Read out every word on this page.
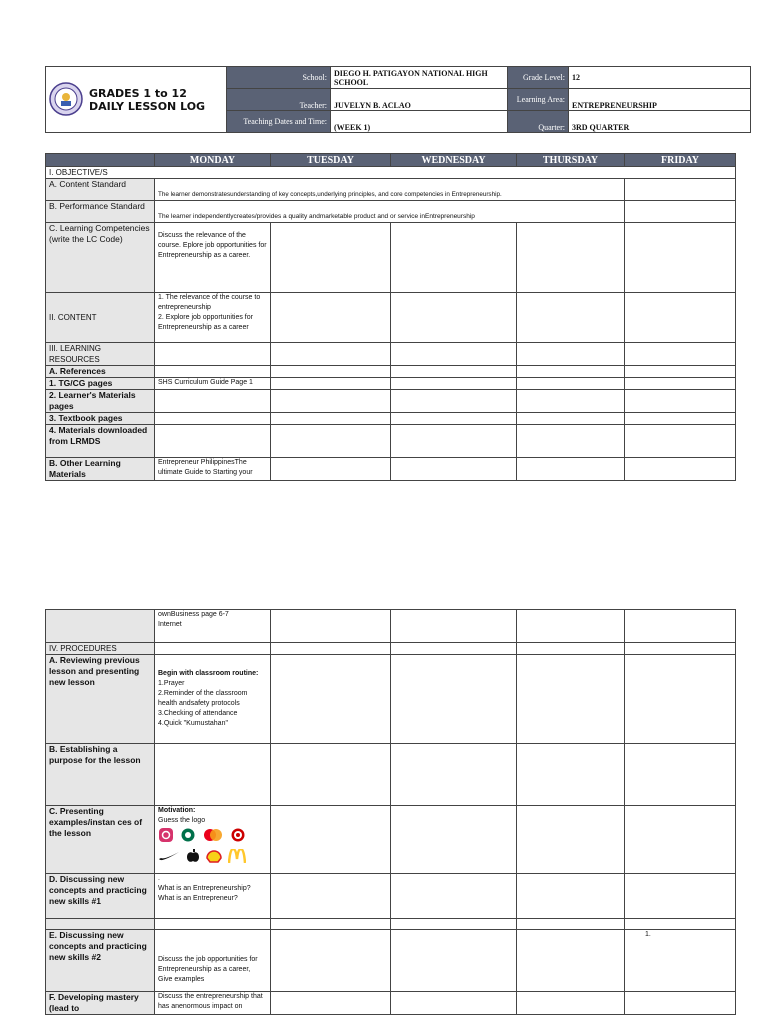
GRADES 1 to 12
DAILY LESSON LOG	School:	DIEGO H. PATIGAYON NATIONAL HIGH SCHOOL	Grade Level:	12
	Teacher:	JUVELYN B. ACLAO	Learning Area:	ENTREPRENEURSHIP
	Teaching Dates and Time:	(WEEK 1)	Quarter:	3RD QUARTER
	MONDAY	TUESDAY	WEDNESDAY	THURSDAY	FRIDAY
I. OBJECTIVE/S					
A. Content Standard	The learner demonstratesunderstanding of key concepts,underlying principles, and core competencies in Entrepreneurship.				
B. Performance Standard	The learner independentlycreates/provides a quality andmarketable product and or service inEntrepreneurship				
C. Learning Competencies
(write the LC Code)	Discuss the relevance of the course. Eplore job opportunities for Entrepreneurship as a career.				
II. CONTENT	1. The relevance of the course to entrepreneurship
2. Explore job opportunities for Entrepreneurship as a career				
III. LEARNING RESOURCES					
A. References					
1. TG/CG pages	SHS Curriculum Guide Page 1				
2. Learner's Materials pages					
3. Textbook pages					
4. Materials downloaded from LRMDS					
B. Other Learning Materials	Entrepreneur PhilippinesThe ultimate Guide to Starting your				
	ownBusiness page 6-7
Internet				
IV. PROCEDURES					
A. Reviewing previous lesson and presenting new lesson	Begin with classroom routine:
1.Prayer
2.Reminder of the classroom health andsafety protocols
3.Checking of attendance
4.Quick "Kumustahan"				

B. Establishing a purpose for the lesson					
C. Presenting examples/instan ces of the lesson	Motivation:
Guess the logo				

D. Discussing new concepts and practicing new skills #1	.
What is an Entrepreneurship?
What is an Entrepreneur?				

E. Discussing new concepts and practicing new skills #2	Discuss the job opportunities for Entrepreneurship as a career,
Give examples				1.
F. Developing mastery (lead to	Discuss the entrepreneurship that has anenormous impact on				
